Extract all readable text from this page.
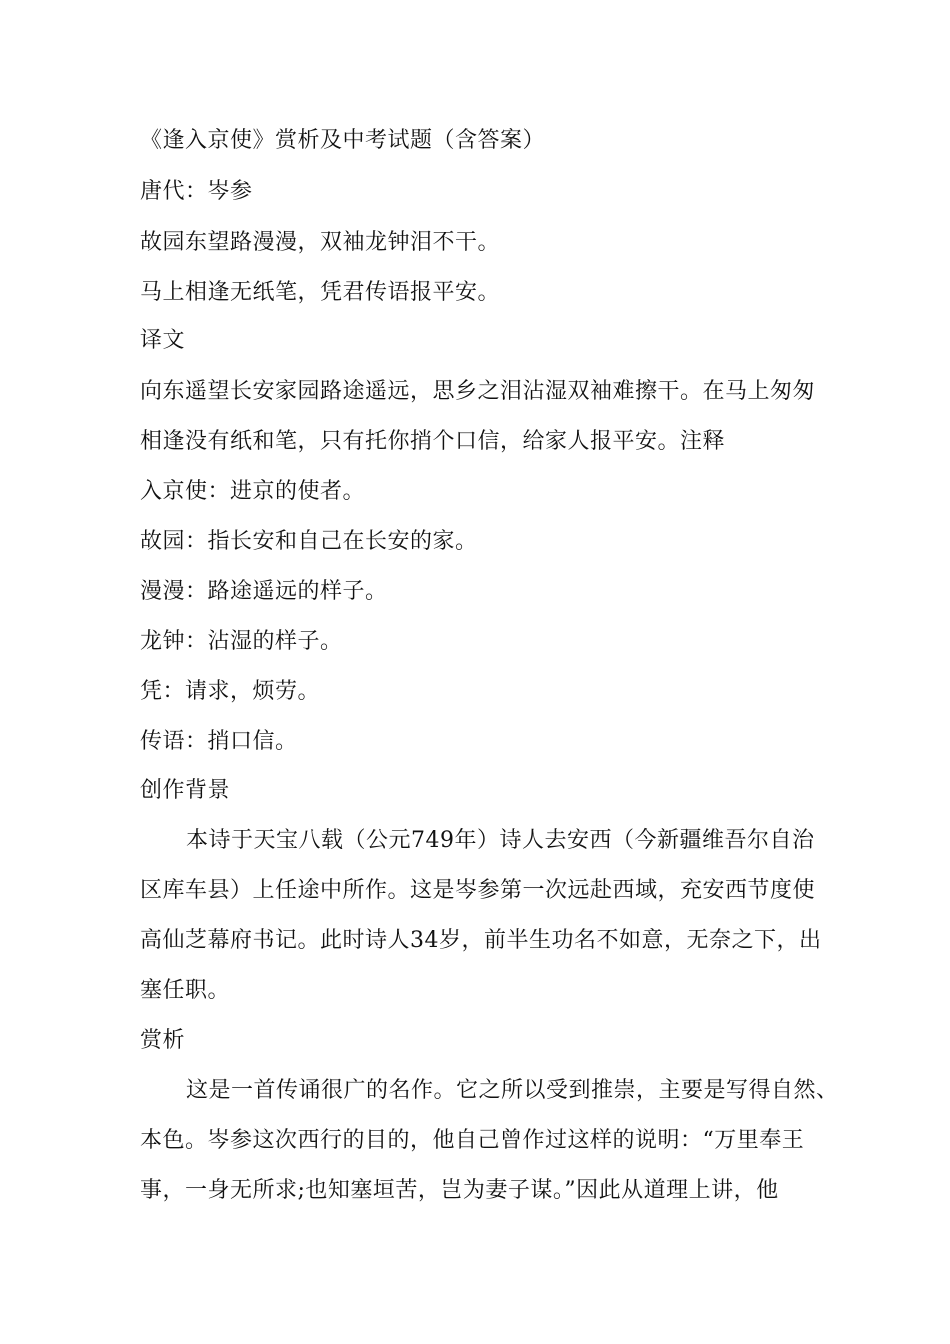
《逢入京使》赏析及中考试题（含答案）
唐代：岑参
故园东望路漫漫，双袖龙钟泪不干。
马上相逢无纸笔，凭君传语报平安。
译文
向东遥望长安家园路途遥远，思乡之泪沾湿双袖难擦干。在马上匆匆
相逢没有纸和笔，只有托你捎个口信，给家人报平安。注释
入京使：进京的使者。
故园：指长安和自己在长安的家。
漫漫：路途遥远的样子。
龙钟：沾湿的样子。
凭：请求，烦劳。
传语：捎口信。
创作背景
本诗于天宝八载（公元749年）诗人去安西（今新疆维吾尔自治
区库车县）上任途中所作。这是岑参第一次远赴西域，充安西节度使
高仙芝幕府书记。此时诗人34岁，前半生功名不如意，无奈之下，出
塞任职。
赏析
这是一首传诵很广的名作。它之所以受到推崇，主要是写得自然、
本色。岑参这次西行的目的，他自己曾作过这样的说明：“万里奉王
事，一身无所求;也知塞垣苦，岂为妻子谋。”因此从道理上讲，他
